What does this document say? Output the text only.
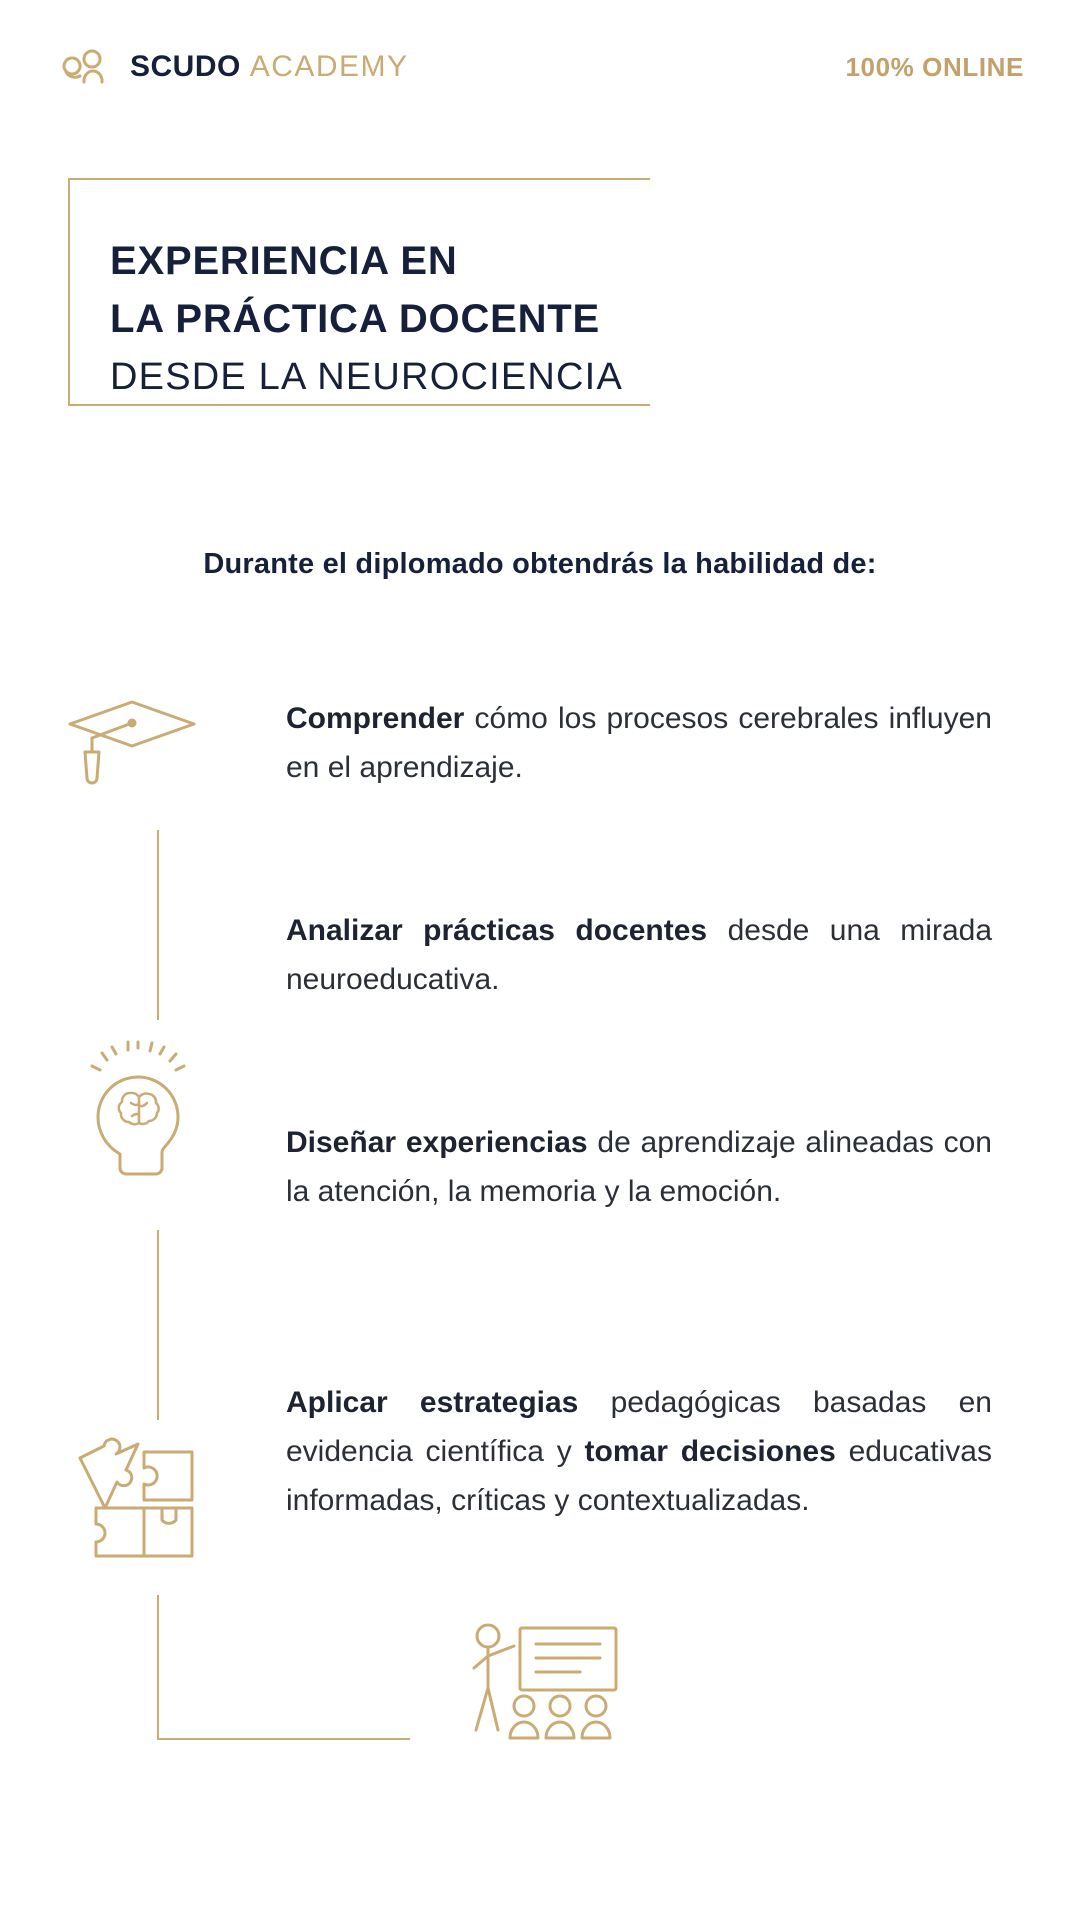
SCUDO ACADEMY	100% ONLINE
EXPERIENCIA EN
LA PRÁCTICA DOCENTE
DESDE LA NEUROCIENCIA
Durante el diplomado obtendrás la habilidad de:
Comprender cómo los procesos cerebrales influyen en el aprendizaje.
Analizar prácticas docentes desde una mirada neuroeducativa.
Diseñar experiencias de aprendizaje alineadas con la atención, la memoria y la emoción.
Aplicar estrategias pedagógicas basadas en evidencia científica y tomar decisiones educativas informadas, críticas y contextualizadas.
